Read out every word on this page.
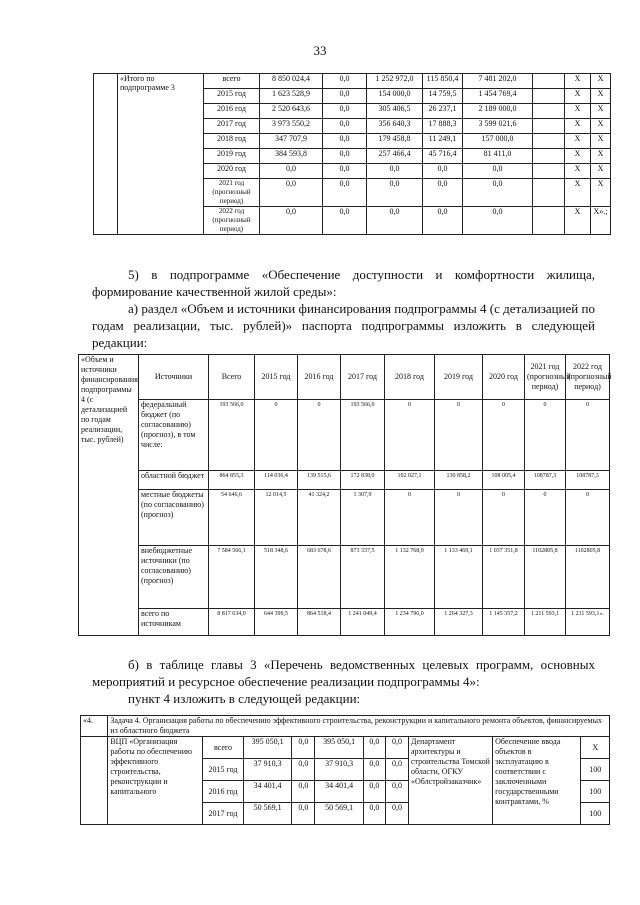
33
	«Итого по подпрограмме 3	всего	8 850 024,4	0,0	1 252 972,0	115 850,4	7 481 202,0		Х	Х
		2015 год	1 623 528,9	0,0	154 000,0	14 759,5	1 454 769,4		Х	Х
		2016 год	2 520 643,6	0,0	305 406,5	26 237,1	2 189 000,0		Х	Х
		2017 год	3 973 550,2	0,0	356 640,3	17 888,3	3 599 021,6		Х	Х
		2018 год	347 707,9	0,0	179 458,8	11 249,1	157 000,0		Х	Х
		2019 год	384 593,8	0,0	257 466,4	45 716,4	81 411,0		Х	Х
		2020 год	0,0	0,0	0,0	0,0	0,0		Х	Х
		2021 год (прогнозный период)	0,0	0,0	0,0	0,0	0,0		Х	Х
		2022 год (прогнозный период)	0,0	0,0	0,0	0,0	0,0		Х	Х».;
5) в подпрограмме «Обеспечение доступности и комфортности жилища, формирование качественной жилой среды»:
а) раздел «Объем и источники финансирования подпрограммы 4 (с детализацией по годам реализации, тыс. рублей)» паспорта подпрограммы изложить в следующей редакции:
«Объем и источники финансирования подпрограммы 4 (с детализацией по годам реализации, тыс. рублей)	Источники	Всего	2015 год	2016 год	2017 год	2018 год	2019 год	2020 год	2021 год (прогнозный период)	2022 год (прогнозный период)
	федеральный бюджет (по согласованию) (прогноз), в том числе:	193 566,0	0	0	193 566,0	0	0	0	0	0
	областной бюджет	864 855,3	114 036,4	139 515,6	172 838,0	102 027,1	130 858,2	108 005,4	108787,3	108787,3
	местные бюджеты (по согласованию) (прогноз)	54 646,6	12 014,5	41 324,2	1 307,9	0	0	0	0	0
	внебюджетные источники (по согласованию) (прогноз)	7 584 566,1	518 348,6	683 678,6	873 337,5	1 132 768,9	1 133 469,1	1 037 351,8	1102805,8	1102805,8
	всего по источникам	8 817 634,0	644 399,5	864 518,4	1 241 049,4	1 234 796,0	1 264 327,3	1 145 357,2	1 211 593,1	1 211 593,1».
б) в таблице главы 3 «Перечень ведомственных целевых программ, основных мероприятий и ресурсное обеспечение реализации подпрограммы 4»:
пункт 4 изложить в следующей редакции:
«4.	Задача 4. Организация работы по обеспечению эффективного строительства, реконструкции и капитального ремонта объектов, финансируемых из областного бюджета									
	ВЦП «Организация работы по обеспечению эффективного строительства, реконструкции и капитального	всего	395 050,1	0,0	395 050,1	0,0	0,0	Департамент архитектуры и строительства Томской области, ОГКУ «Облстройзаказчик»	Обеспечение ввода объектов в эксплуатацию в соответствии с заключенными государственными контрактами, %	Х
		2015 год	37 910,3	0,0	37 910,3	0,0	0,0			100
		2016 год	34 401,4	0,0	34 401,4	0,0	0,0			100
		2017 год	50 569,1	0,0	50 569,1	0,0	0,0			100
